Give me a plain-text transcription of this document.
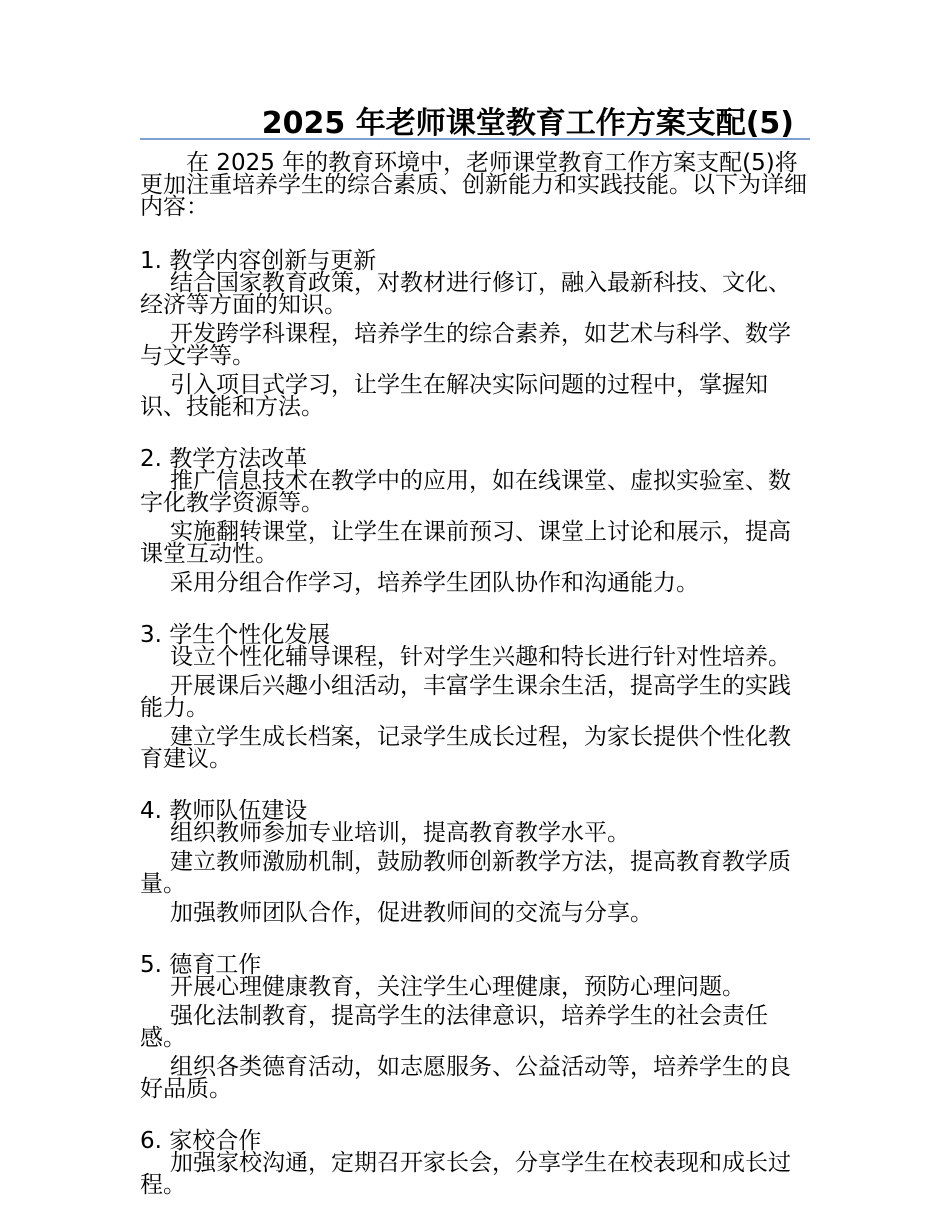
2025 年老师课堂教育工作方案支配(5)

在 2025 年的教育环境中，老师课堂教育工作方案支配(5)将更加注重培养学生的综合素质、创新能力和实践技能。以下为详细内容：

1. 教学内容创新与更新

结合国家教育政策，对教材进行修订，融入最新科技、文化、经济等方面的知识。

开发跨学科课程，培养学生的综合素养，如艺术与科学、数学与文学等。

引入项目式学习，让学生在解决实际问题的过程中，掌握知识、技能和方法。

2. 教学方法改革

推广信息技术在教学中的应用，如在线课堂、虚拟实验室、数字化教学资源等。

实施翻转课堂，让学生在课前预习、课堂上讨论和展示，提高课堂互动性。

采用分组合作学习，培养学生团队协作和沟通能力。

3. 学生个性化发展

设立个性化辅导课程，针对学生兴趣和特长进行针对性培养。

开展课后兴趣小组活动，丰富学生课余生活，提高学生的实践能力。

建立学生成长档案，记录学生成长过程，为家长提供个性化教育建议。

4. 教师队伍建设

组织教师参加专业培训，提高教育教学水平。

建立教师激励机制，鼓励教师创新教学方法，提高教育教学质量。

加强教师团队合作，促进教师间的交流与分享。

5. 德育工作

开展心理健康教育，关注学生心理健康，预防心理问题。

强化法制教育，提高学生的法律意识，培养学生的社会责任感。

组织各类德育活动，如志愿服务、公益活动等，培养学生的良好品质。

6. 家校合作

加强家校沟通，定期召开家长会，分享学生在校表现和成长过程。
